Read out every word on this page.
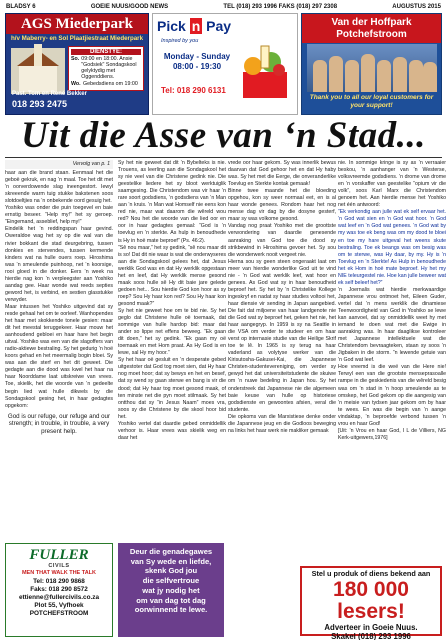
BLADSY 6	GOEIE NUUS/GOOD NEWS	TEL (018) 293 1996 FAKS (018) 297 2308	AUGUSTUS 2015
AGS Miederpark
h/v Maberry- en Sol Plaatjiestraat Miederpark
DIENSTYE:
So. 09:00 en 18:00. Ansie "Godsiek" Sondagskool gelyktydig met Oggenddiens.
Wo. Gebedsdiens om 19:00
Past. Tom en René Bekker
018 293 2475
Pick n Pay
Inspired by you
Monday - Sunday
08:00 - 19:30
Tel: 018 290 6131
Van der Hoffpark
Potchefstroom
Thank you to all our loyal customers for your support!
Uit die Asse van ‘n Stad...
Vervolg van p. 1

haar aan die brand staan. Eenmaal het die geboë gekruk, en nag ‘n maal. Toe het dit met ‘n oorverdowende slag ineengestort. Iewyl skreeende warm tuig stukke bakstenen soos slotdoeltjies na ‘n onbekende oord gesuig het.

Yoshiko was onder die puin toegevel en baie ernstig beseer. “Help my!” het sy geroep. “Eingemand, asseblief, help my!”

Eindelik het ‘n reddingspan haar gevind. Oweraldoe wag het sy op die wal van die rivier bokkant die stad deurgebring, tussen donkies en stervendes, tussen kermende kinders wat na hulle ouers roep. Hiroshima was ‘n smeulende puinhoop, net ‘n koorsige, rooi gloed in die donker. Eers ‘n week na hierdie nag kon ‘n verpleegster aan Yoshiko aandag gee. Haar wonde wat reeds septies geword het, is verbind, en sestien glasstukke verwyder.

Maar intussen het Yoshiko uitgevind dat sy resde gehaal het om te oorleef. Wanhopendes het haar met skokkende tonele gesien: maar dit het meestal teruggekeer. Haar mouw het aanhoudend gebloei en haar hare het begin uitval. Yoshiko was een van die slagoffers van radio-aktiewe bestraling. Sy het gedurig ‘n hoë koors gehad en het meermalig bogin bloei. Sy was aan die sterf en het dit geweet. Die gedagte aan die dood was kwel het haar na haar Noorddame laat uitskreiwe van vrees. Toe, skielik, het die woorde van ‘n gedeelte begin lied wat hulle dikwels by die Sondagskool gesing het, in haar gedagtes opgekom:

God is our refuge, our refuge and our strength; in trouble, in trouble, a very present help.

Sy het nie geweet dat dit ‘n Bybelteks is nie. Trouens, as leerling aan die Sondagskool het sy nie veel van die Christene gedink nie. Die geestelike liedere het sy bloot werktuiglik saamgesing. Die Christendom was vir haar ‘n rare soort godsdiens, ‘n godsdiens van ‘n Man aan ‘n kruis. ‘n Man wat Homself nie eens kon red nie, maar wat daarom die wêreld wou red? Nou het die woorde van die lied oor en oor in haar gedagtes gemaal: “God is ‘n toevlug en ‘n sterkte. As hulp in benoudhede is Hy in hoë mate beproef” (Ps. 46:2).

“Sê nou maar,” het sy gedink, “sê nou maar dit is so! Dat dit nie waar is wat die onderwyseres aan die Sondagskool gelees het, dat Jesus werklik God was en dat Hy werklik opgestaan het en leef, dat Hy werklik mense gesond maak soos hulle sê Hy dit baie jare gelede gedoen het... Sou hierdie God kon hoor as sy roep? Sou Hy haar kon red? Sou Hy haar kon gesond maak?”

Sy het nie geweet hoe om te bid nie. Sy het geglo dat Christene hulle oë toemaak, dat sommige van hulle hardop bid: maar dat ander so lippe net effens beweeg. “Ek gaan dit doen,” het sy gedink. “Ek gaan my oë toemaak en met Hom praat. As Hy God is en lewe, sal Hy my hoor.”

Sy het haar oë gesluit en ‘n desperate gebed uitgestoter dat God tog moet sien, dat Hy haar nog moet hoor; dat sy bewys en het en besef, dat sy wend sy gaan sterwe en bang is vir die dood; dat Hy haar tog moet gesond maak, of ten minste net die pyn moet stilmaak. Sy het ontthou dat sy “in Jesus Naam” moes vra, soos sy die Christene by die skool hoor bid het.

Yoshiko vertel dat daardie gebed onmiddellik verhoor is. Haar vrees was skielik weg en daar het

vrede oor haar gekom. Sy was innerlik bewus daarvan dat God gehoor het en dat Hy haby was. Sy het met die Eerge, die onveranderlike Toevlug en Sterkte kontak gemaak!

Binne twee maande het die bloeding opgehou, kon sy weer normaal eet, en is al haar wonde genees. Rondom haar het nog mense dag vir dag by die dosyne gesterf, maar sy was volkome gesond.

Vandag nog praat Yoshiko met die groottste verwondering van daardie genesende aanraking van God toe die dood sy strikbewind in Hiroshima gevoer het. Sy sou die wonderwerk nooit vergeet nie.

Hierna sou sy geen steen ongeraakt laat om meer van hierdie wonderlike God uit te vind nie - ‘n God wat werklik leef, wat hoor en genees. As God wat sy in haar benoudheid beproef het. Sy het by ‘n Christelike Kollege ingeskryf en nadat sy haar studies voltooi het, haar diensie vir sending in Japan aangebied. Die fait dat miljoene van haar landgenote nie die God wat sy beproef het, geken het nie, het haar aangegryp. In 1959 is sy na Seattle in die VSA om verder te studeer en om haar verst op internasie studie van die Heilige Skrif toe te lê. In 1965 is sy terug na haar vaderland as volytyse werker van die Kirisutosha-Gakusei-Kai, die Japannese Christen-studentevereniging, om verder sy gewyd het dat universiteitstudente die skuiwe om ‘n nuwe bedeling in Japan hou. Sy het onderstreek dat Japannese nie die algemeen baie keuse van hulle op historiese godsdienste en gewoontes afsien, veral die studente.

Die opkoms van die Marxistiese denke onder die Japannese jeug en die Godloos beweging na links het haar werk nie makliker gemaak

nie. In sommige kringe is sy as ‘n verraaier beskou, ‘n aanhanger van ‘n Westerse, volksvreemde godsdiens. ‘n drome van drome en ‘n vorskaffer van geestelike “opium vir die volk”, soos Karl Marx die Christendom genoem het. Aan hierdie mense het Yoshiko net één antwoord:

“Ek verkondig aan julle wat ek self ervaar het. ‘n God wat sien en ‘n God wat hoor. ‘n God wat leef en ‘n God wat genees. ‘n God wat by my was toe ek beng was om my dood te bloei en toe my hare uitgeval het weens skute bestraling. Toe ek beangs was om besig was om te sterwe, was Hy daar, by my. Hy is ‘n Toevlug en ‘n Sterkte! As Hulp in benoudhede het ek Hom in hoë mate beproef. Hy het my NIE teleurgestel nie. Hoe kan julle beweer wat ek self beleef het?”

‘n Joernalis wat hierdie merkwaardige Japannese vrou ontmoet het, Eileen Guder, vertel dat ‘n mens werklik die dinamiese Teenwoordigheid van God in Yoshiko se lewe kan aanvoel, dat sy onmiddellik weet hy met iemand te doen wat met die Ewige in aanraking was. In haar daaglikse kontroleer met Japannese intellektuele wat die Christendom bevraagteken, staan sy soos ‘n Jigbaken in die storm. “n lewende getuie van ‘n God wat leef.

Hoe vreemd is die weë van die Here nie! Terwyl een van die grootste menseprasoalle rampe in die geskiedenis van die wêreld besig was om ‘n stad in ‘n hoop smeulende as te omskep, het God gekom op die aangesig van ‘n meisie van tydsen jaar gekom om by haar te wees. En was die begin van ‘n aange vindaktap, ‘n beproefde verbond tussen ‘n vrou en haar God!

[Uit: ‘n Vrou en haar God, I L de Villiers, NG Kerk-uitgewers,1976]

FULLER
CIVILS
MEN THAT WALK THE TALK
Tel: 018 290 9868
Faks: 018 290 8572
ettienne@fullercivils.co.za
Plot 55, Vyfhoek
POTCHEFSTROOM
Deur die genadegawes
van Sy wede en liefde,
skenk God jou
die selfvertroue
wat jy nodig het
om van dag tot dag
oorwinnend te lewe.
Stel u produk of diens bekend aan
180 000 lesers!
Adverteer in Goeie Nuus.
Skakel (018) 293 1996
